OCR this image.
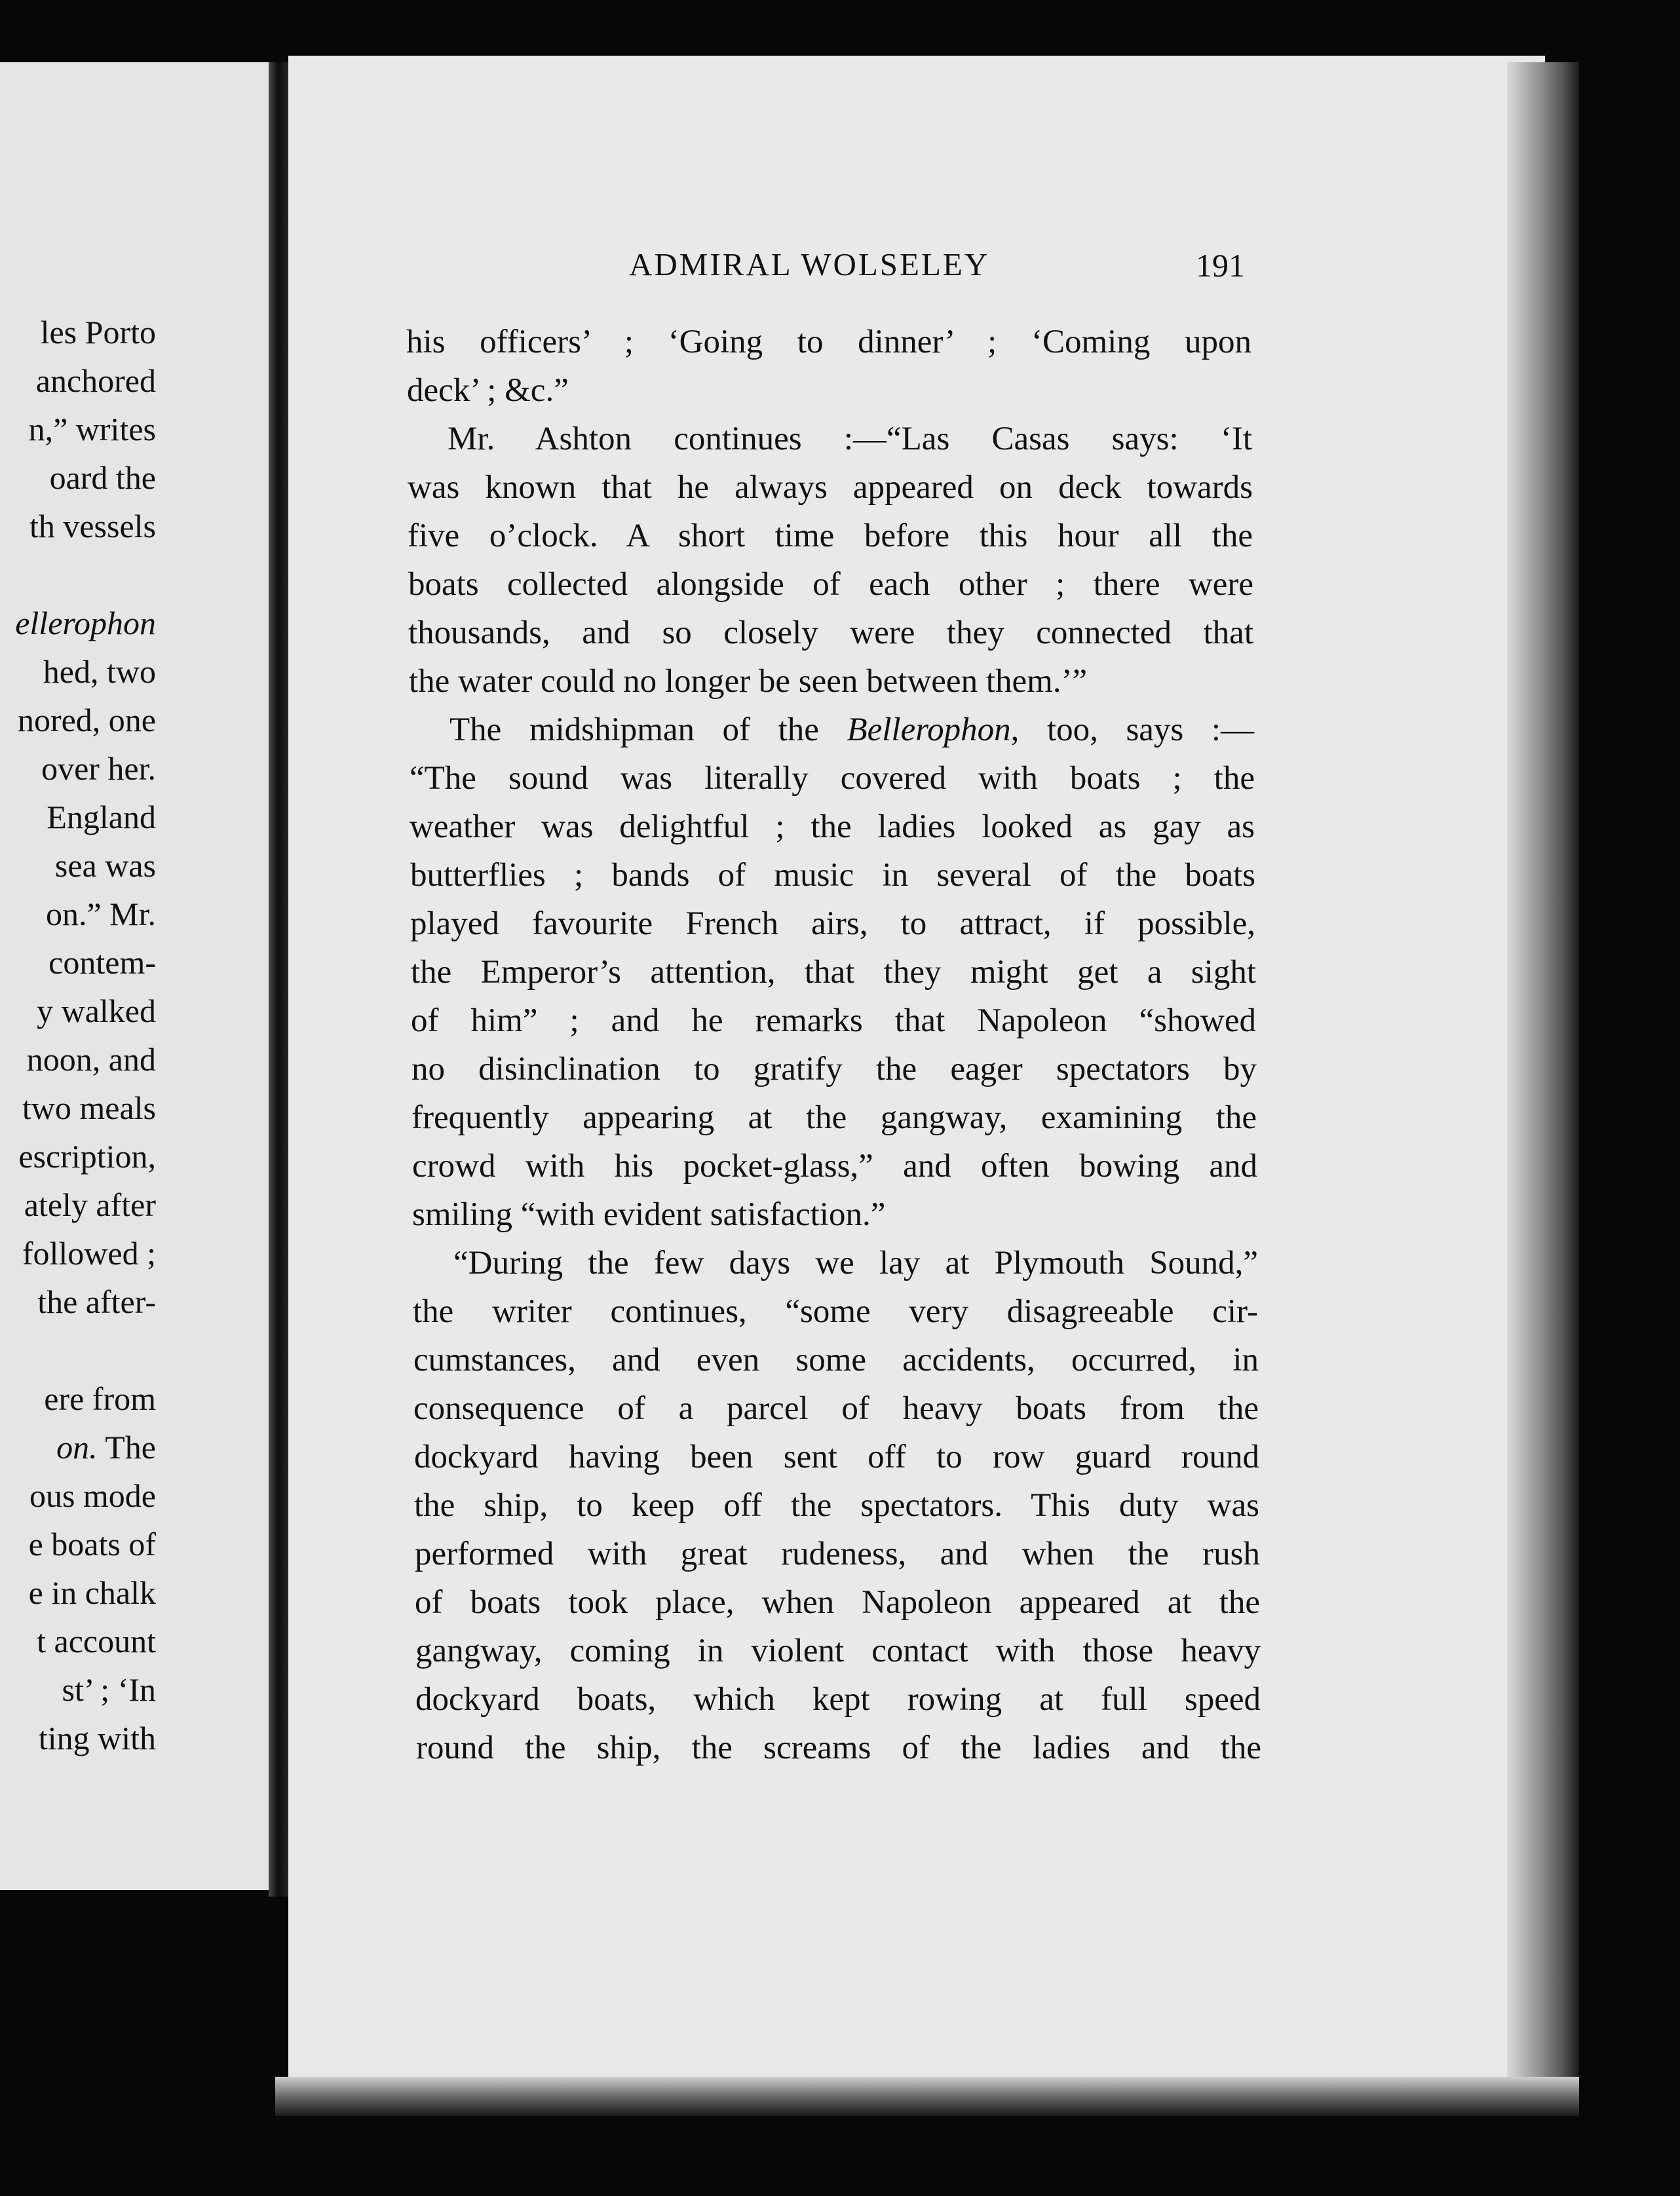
les Porto
anchored
n,” writes
oard the
th vessels
ellerophon
hed, two
nored, one
over her.
England
sea was
on.” Mr.
contem-
y walked
noon, and
two meals
escription,
ately after
followed ;
the after-
ere from
on. The
ous mode
e boats of
e in chalk
t account
st’ ; ‘In
ting with
ADMIRAL WOLSELEY	191
his officers’ ; ‘Going to dinner’ ; ‘Coming upon
deck’ ; &c.”
Mr. Ashton continues :—“Las Casas says: ‘It
was known that he always appeared on deck towards
five o’clock. A short time before this hour all the
boats collected alongside of each other ; there were
thousands, and so closely were they connected that
the water could no longer be seen between them.’”
The midshipman of the Bellerophon, too, says :—
“The sound was literally covered with boats ; the
weather was delightful ; the ladies looked as gay as
butterflies ; bands of music in several of the boats
played favourite French airs, to attract, if possible,
the Emperor’s attention, that they might get a sight
of him” ; and he remarks that Napoleon “showed
no disinclination to gratify the eager spectators by
frequently appearing at the gangway, examining the
crowd with his pocket-glass,” and often bowing and
smiling “with evident satisfaction.”
“During the few days we lay at Plymouth Sound,”
the writer continues, “some very disagreeable cir-
cumstances, and even some accidents, occurred, in
consequence of a parcel of heavy boats from the
dockyard having been sent off to row guard round
the ship, to keep off the spectators. This duty was
performed with great rudeness, and when the rush
of boats took place, when Napoleon appeared at the
gangway, coming in violent contact with those heavy
dockyard boats, which kept rowing at full speed
round the ship, the screams of the ladies and the
